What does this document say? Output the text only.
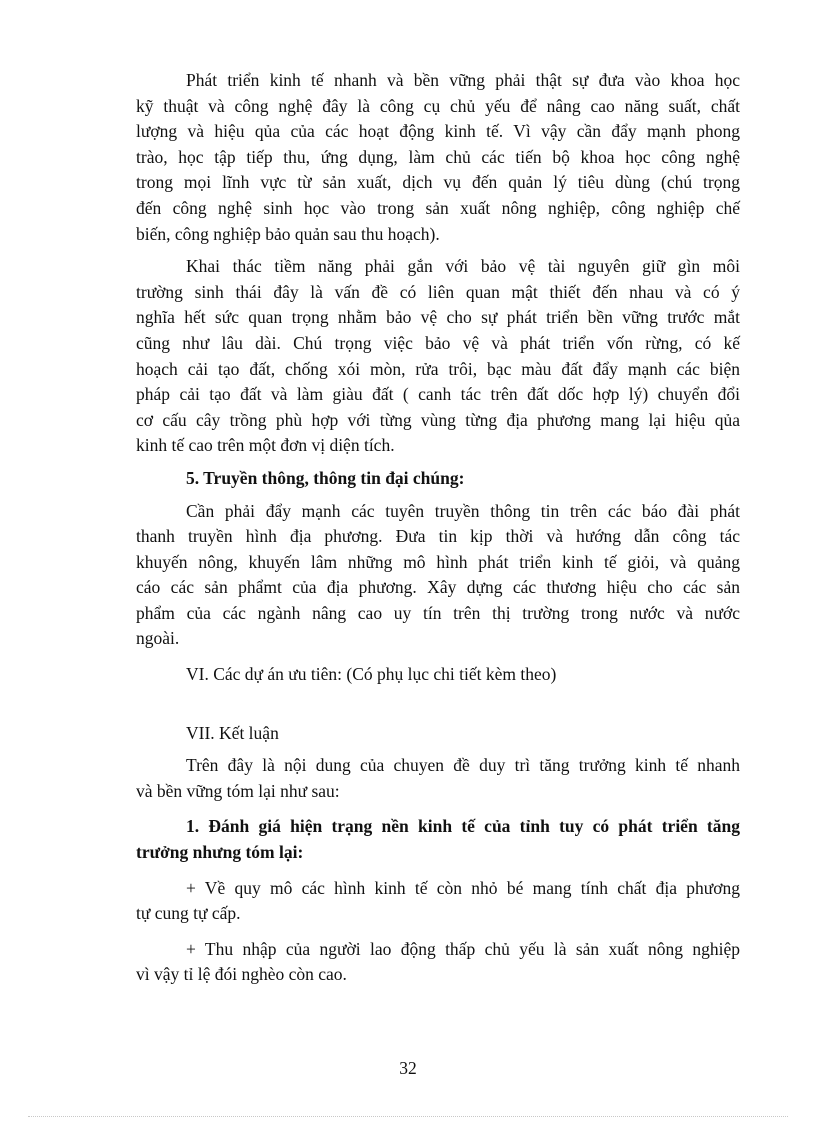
Phát triển kinh tế nhanh và bền vững phải thật sự đưa vào khoa học
kỹ thuật và công nghệ đây là công cụ chủ yếu để nâng cao năng suất, chất
lượng và hiệu qủa của các hoạt động kinh tế. Vì vậy cần đẩy mạnh phong
trào, học tập tiếp thu, ứng dụng, làm chủ các tiến bộ khoa học công nghệ
trong mọi lĩnh vực từ sản xuất, dịch vụ đến quản lý tiêu dùng (chú trọng
đến công nghệ sinh học vào trong sản xuất nông nghiệp, công nghiệp chế
biến, công nghiệp bảo quản sau thu hoạch).
Khai thác tiềm năng phải gắn với bảo vệ tài nguyên giữ gìn môi
trường sinh thái đây là vấn đề có liên quan mật thiết đến nhau và có ý
nghĩa hết sức quan trọng nhằm bảo vệ cho sự phát triển bền vững trước mắt
cũng như lâu dài. Chú trọng việc bảo vệ và phát triển vốn rừng, có kế
hoạch cải tạo đất, chống xói mòn, rửa trôi, bạc màu đất đẩy mạnh các biện
pháp cải tạo đất và làm giàu đất ( canh tác trên đất dốc hợp lý) chuyển đổi
cơ cấu cây trồng phù hợp với từng vùng từng địa phương mang lại hiệu qủa
kinh tế cao trên một đơn vị diện tích.
5. Truyền thông, thông tin đại chúng:
Cần phải đẩy mạnh các tuyên truyền thông tin trên các báo đài phát
thanh truyền hình địa phương. Đưa tin kịp thời và hướng dẫn công tác
khuyến nông, khuyến lâm những mô hình phát triển kinh tế giỏi, và quảng
cáo các sản phẩmt của địa phương. Xây dựng các thương hiệu cho các sản
phẩm của các ngành nâng cao uy tín trên thị trường trong nước và nước
ngoài.
VI. Các dự án ưu tiên: (Có phụ lục chi tiết kèm theo)
VII. Kết luận
Trên đây là nội dung của chuyen đề duy trì tăng trưởng kinh tế nhanh
và bền vững tóm lại như sau:
1. Đánh giá hiện trạng nền kinh tế của tỉnh tuy có phát triển tăng
trưởng nhưng tóm lại:
+ Về quy mô các hình kinh tế còn nhỏ bé mang tính chất địa phương
tự cung tự cấp.
+ Thu nhập của người lao động thấp chủ yếu là sản xuất nông nghiệp
vì vậy tỉ lệ đói nghèo còn cao.
32
